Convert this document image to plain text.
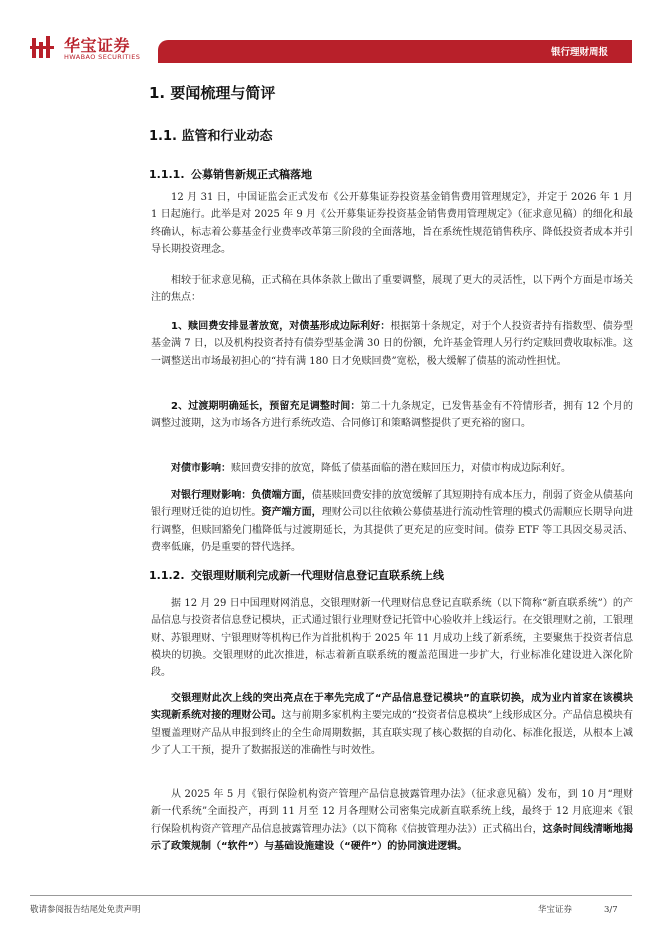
华宝证券
HWABAO SECURITIES	银行理财周报
1. 要闻梳理与简评
1.1. 监管和行业动态
1.1.1. 公募销售新规正式稿落地
12 月 31 日，中国证监会正式发布《公开募集证券投资基金销售费用管理规定》，并定于 2026 年 1 月 1 日起施行。此举是对 2025 年 9 月《公开募集证券投资基金销售费用管理规定》（征求意见稿）的细化和最终确认，标志着公募基金行业费率改革第三阶段的全面落地，旨在系统性规范销售秩序、降低投资者成本并引导长期投资理念。
相较于征求意见稿，正式稿在具体条款上做出了重要调整，展现了更大的灵活性，以下两个方面是市场关注的焦点：
1、赎回费安排显著放宽，对债基形成边际利好：根据第十条规定，对于个人投资者持有指数型、债券型基金满 7 日，以及机构投资者持有债券型基金满 30 日的份额，允许基金管理人另行约定赎回费收取标准。这一调整送出市场最初担心的“持有满 180 日才免赎回费”宽松，极大缓解了债基的流动性担忧。
2、过渡期明确延长，预留充足调整时间：第二十九条规定，已发售基金有不符情形者，拥有 12 个月的调整过渡期，这为市场各方进行系统改造、合同修订和策略调整提供了更充裕的窗口。
对债市影响：赎回费安排的放宽，降低了债基面临的潜在赎回压力，对债市构成边际利好。
对银行理财影响：负债端方面，债基赎回费安排的放宽缓解了其短期持有成本压力，削弱了资金从债基向银行理财迁徙的迫切性。资产端方面，理财公司以往依赖公募债基进行流动性管理的模式仍需顺应长期导向进行调整，但赎回豁免门槛降低与过渡期延长，为其提供了更充足的应变时间。债券 ETF 等工具因交易灵活、费率低廉，仍是重要的替代选择。
1.1.2. 交银理财顺利完成新一代理财信息登记直联系统上线
据 12 月 29 日中国理财网消息，交银理财新一代理财信息登记直联系统（以下简称“新直联系统”）的产品信息与投资者信息登记模块，正式通过银行业理财登记托管中心验收并上线运行。在交银理财之前，工银理财、苏银理财、宁银理财等机构已作为首批机构于 2025 年 11 月成功上线了新系统，主要聚焦于投资者信息模块的切换。交银理财的此次推进，标志着新直联系统的覆盖范围进一步扩大，行业标准化建设进入深化阶段。
交银理财此次上线的突出亮点在于率先完成了“产品信息登记模块”的直联切换，成为业内首家在该模块实现新系统对接的理财公司。这与前期多家机构主要完成的“投资者信息模块”上线形成区分。产品信息模块有望覆盖理财产品从申报到终止的全生命周期数据，其直联实现了核心数据的自动化、标准化报送，从根本上减少了人工干预，提升了数据报送的准确性与时效性。
从 2025 年 5 月《银行保险机构资产管理产品信息披露管理办法》（征求意见稿）发布，到 10 月“理财新一代系统”全面投产，再到 11 月至 12 月各理财公司密集完成新直联系统上线，最终于 12 月底迎来《银行保险机构资产管理产品信息披露管理办法》（以下简称《信披管理办法》）正式稿出台，这条时间线清晰地揭示了政策规制（“软件”）与基础设施建设（“硬件”）的协同演进逻辑。
敬请参阅报告结尾处免责声明	华宝证券	3/7
